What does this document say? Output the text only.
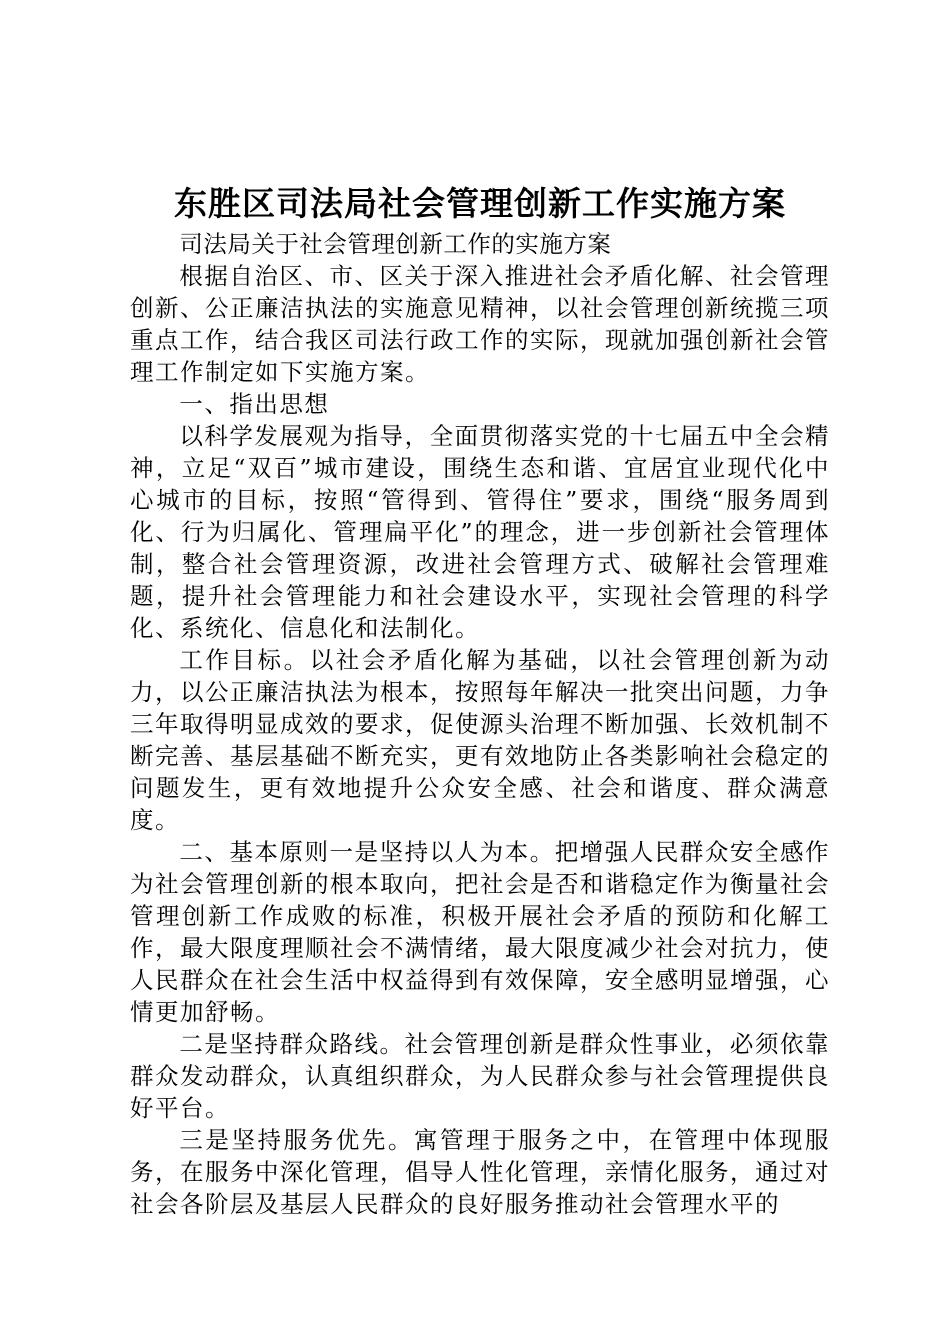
东胜区司法局社会管理创新工作实施方案

司法局关于社会管理创新工作的实施方案

根据自治区、市、区关于深入推进社会矛盾化解、社会管理创新、公正廉洁执法的实施意见精神，以社会管理创新统揽三项重点工作，结合我区司法行政工作的实际，现就加强创新社会管理工作制定如下实施方案。

一、指出思想

以科学发展观为指导，全面贯彻落实党的十七届五中全会精神，立足“双百”城市建设，围绕生态和谐、宜居宜业现代化中心城市的目标，按照“管得到、管得住”要求，围绕“服务周到化、行为归属化、管理扁平化”的理念，进一步创新社会管理体制，整合社会管理资源，改进社会管理方式、破解社会管理难题，提升社会管理能力和社会建设水平，实现社会管理的科学化、系统化、信息化和法制化。

工作目标。以社会矛盾化解为基础，以社会管理创新为动力，以公正廉洁执法为根本，按照每年解决一批突出问题，力争三年取得明显成效的要求，促使源头治理不断加强、长效机制不断完善、基层基础不断充实，更有效地防止各类影响社会稳定的问题发生，更有效地提升公众安全感、社会和谐度、群众满意度。

二、基本原则一是坚持以人为本。把增强人民群众安全感作为社会管理创新的根本取向，把社会是否和谐稳定作为衡量社会管理创新工作成败的标准，积极开展社会矛盾的预防和化解工作，最大限度理顺社会不满情绪，最大限度减少社会对抗力，使人民群众在社会生活中权益得到有效保障，安全感明显增强，心情更加舒畅。

二是坚持群众路线。社会管理创新是群众性事业，必须依靠群众发动群众，认真组织群众，为人民群众参与社会管理提供良好平台。

三是坚持服务优先。寓管理于服务之中，在管理中体现服务，在服务中深化管理，倡导人性化管理，亲情化服务，通过对社会各阶层及基层人民群众的良好服务推动社会管理水平的
